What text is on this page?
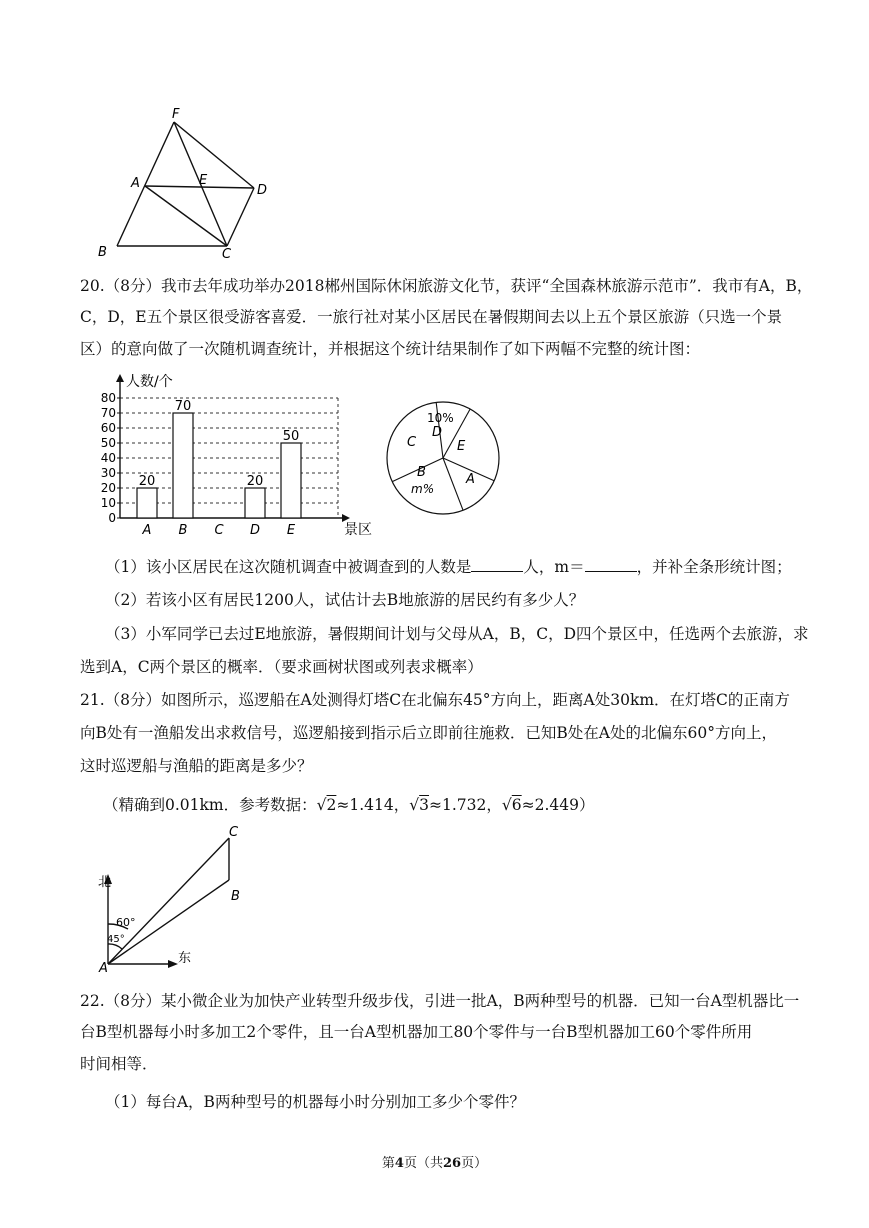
F
A	E
D
B	C
20.（8分）我市去年成功举办2018郴州国际休闲旅游文化节，获评“全国森林旅游示范市”．我市有A，B，
C，D，E五个景区很受游客喜爱．一旅行社对某小区居民在暑假期间去以上五个景区旅游（只选一个景
区）的意向做了一次随机调查统计，并根据这个统计结果制作了如下两幅不完整的统计图：
0
10
20
30
40
50
60
70
80
人数/个
景区
20
A
70
B C
20
D
50
E
D
E
A
B
C
10%
m%
（1）该小区居民在这次随机调查中被调查到的人数是	人，m＝	，并补全条形统计图；
（2）若该小区有居民1200人，试估计去B地旅游的居民约有多少人？
（3）小军同学已去过E地旅游，暑假期间计划与父母从A，B，C，D四个景区中，任选两个去旅游，求
选到A，C两个景区的概率．（要求画树状图或列表求概率）
21.（8分）如图所示，巡逻船在A处测得灯塔C在北偏东45°方向上，距离A处30km．在灯塔C的正南方
向B处有一渔船发出求救信号，巡逻船接到指示后立即前往施救．已知B处在A处的北偏东60°方向上，
这时巡逻船与渔船的距离是多少？
（精确到0.01km．参考数据：√2≈1.414，√3≈1.732，√6≈2.449）
北
东
60°
45°
A
B
C
22.（8分）某小微企业为加快产业转型升级步伐，引进一批A，B两种型号的机器．已知一台A型机器比一
台B型机器每小时多加工2个零件，且一台A型机器加工80个零件与一台B型机器加工60个零件所用
时间相等．
（1）每台A，B两种型号的机器每小时分别加工多少个零件？
第4页（共26页）
